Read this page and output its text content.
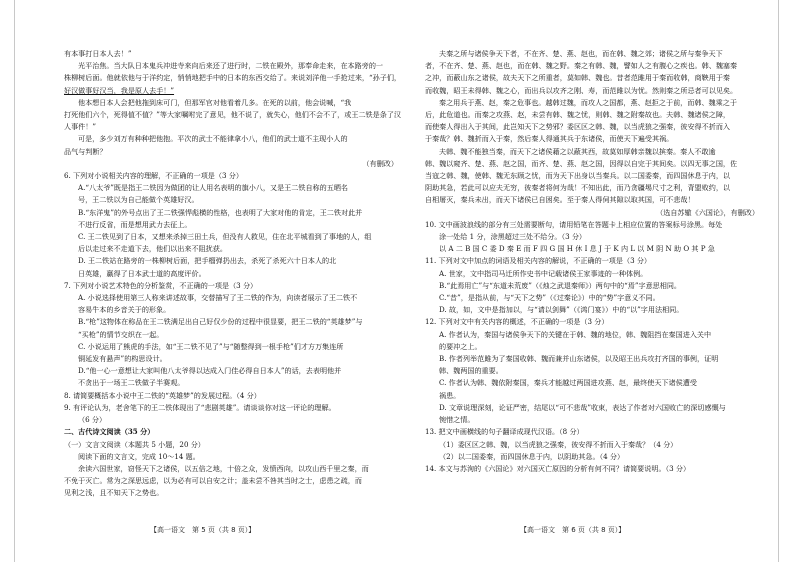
有本事打日本人去！”
光平治焦。当大队日本鬼兵冲进寺来向后来还了进行时，二铁在殿外，那奉命走来，在本路旁的一
株柳树后面。他就依他与于洋约定，悄悄地把手中的日本的东西交给了。来说刘洋他一手抢过来，“孙子们，
好汉做事好汉当，我是原人去手！”
他本想日本人会把他拖到床可门，但那军官对他看着几多。在死的以前，他会说喊，“我
打死他们六个，死得值不值？”等大家嘱咐完了意见，他不说了，就失心，他们不会不了，或王二铁是条了汉
人事件！”
可是，多少刘万有种种把他抱。平次的武士不能律拿小八，他们的武士道不主现小人的
品气与判断？
（有删改）
6. 下列对小说相关内容的理解，不正确的一项是（3 分）
A.“八太爷”既是指王二铁因为做团的让人用名表明的旗小八，又是王二铁自称的五晒名
号，王二铁以为自己能做个英雄好汉。
B.“东洋鬼”的外号点出了王二铁强悍彪横的性格，也表明了大家对他的肯定，王二铁对此并
不进行反省，而是想用武力去征上。
C. 王二铁见到了日本，又想来杀掉三田土兵，但没有人救见，住在北平城看到了事地的人，组
后以走过来不走道下去，他们以出来不阻扰获。
D. 王二铁站在路旁的一株柳树后面，把手榴弹扔出去，杀死了杀死六十日本人的北
日英雄，赢得了日本武士道的高度评价。
7. 下列对小说艺术特色的分析鉴赏，不正确的一项是（3 分）
A. 小说选择使用第三人称来讲述故事，交替描写了王二铁的作为，向读者展示了王二铁不
容易牛本的乡音关于的形象。
B.“枪”这物体在称品在王二铁满足出自己好仅少份的过程中很显要，把王二铁的“英雄梦”与
“买枪”的情节交织在一起。
C. 小说运用了熊虎的手法，如“王二铁不见了”与“随整得到一根手枪”们才方万集连所
铜延发有悬声”的构思设计。
D.“他一心一意想让大家叫他八太爷得以达成入门佳必得自日本人”的话，去表明他并
不贪出于一场王二铁做子半赛观。
8. 请简要概括本小说中王二铁的“英雄梦”的发展过程。（4 分）
9. 有评论认为，老舍笔下的王二铁体现出了“悲剧英雄”。请谈谈你对这一评论的理解。
（6 分）
二、古代诗文阅读（35 分）
（一）文言文阅读（本题共 5 小题，20 分）
阅读下面的文言文，完成 10～14 题。
余读六国世家，窃怪天下之诸侯，以五倍之地，十倍之众，发愤西向，以攻山西千里之秦，而
不免于灭亡。常为之深思远虑，以为必有可以自安之计；盖未尝不咎其当时之士，虑患之疏，而
见利之浅，且不知天下之势也。
夫秦之所与诸侯争天下者，不在齐、楚、燕、赵也，而在韩、魏之郊；诸侯之所与秦争天下
者，不在齐、楚、燕、赵也，而在韩、魏之野。秦之有韩、魏，譬如人之有腹心之疾也。韩、魏塞秦
之冲，而蔽山东之诸侯，故夫天下之所重者，莫如韩、魏也。昔者范雎用于秦而收韩，商鞅用于秦
而收魏，昭王未得韩、魏之心，而出兵以攻齐之刚、寿，而范雎以为忧。然则秦之所忌者可以见矣。
秦之用兵于燕、赵，秦之危事也。越韩过魏，而攻人之国都，燕、赵拒之于前，而韩、魏乘之于
后，此危道也。而秦之攻燕、赵，未尝有韩、魏之忧，则韩、魏之附秦故也。夫韩、魏诸侯之障，
而使秦人得出入于其间，此岂知天下之势邪？委区区之韩、魏，以当虎狼之强秦，彼安得不折而入
于秦哉？韩、魏折而入于秦，然后秦人得通其兵于东诸侯，而使天下遍受其祸。
夫韩、魏不能独当秦，而天下之诸侯藉之以蔽其西，故莫如厚韩亲魏以摈秦。秦人不敢逾
韩、魏以窥齐、楚、燕、赵之国，而齐、楚、燕、赵之国，因得以自完于其间矣。以四无事之国，佐
当寇之韩、魏，使韩、魏无东顾之忧，而为天下出身以当秦兵。以二国委秦，而四国休息于内，以
阴助其急，若此可以应夫无穷，彼秦者将何为哉！不知出此，而乃贪疆埸尺寸之利，背盟败约，以
自相屠灭，秦兵未出，而天下诸侯已自困矣。至于秦人得伺其隙以取其国，可不悲哉！
（选自苏辙《六国论》，有删改）
10. 文中画波浪线的部分有三处需要断句，请用铅笔在答题卡上相应位置的答案标号涂黑。每处
涂一处给 1 分，涂黑超过三处不给分。（3 分）
以 A 二 B 国 C 委 D 秦 E 而 F 四 G 国 H 休 I 息 J 于 K 内 L 以 M 阴 N 助 O 其 P 急
11. 下列对文中加点的词语及相关内容的解说，不正确的一项是（3 分）
A. 世家，文中指司马迁所作史书中记载诸侯王家事迹的一种体例。
B.“此焉用亡”与“东道未荒废”（《烛之武退秦师》）两句中的“焉”字意思相同。
C.“昔”，是指从前，与“天下之势”（《过秦论》）中的“势”字意义不同。
D. 故，如，文中是指加以，与“请以剑舞”（《鸿门宴》）中的“以”字用法相同。
12. 下列对文中有关内容的概述，不正确的一项是（3 分）
A. 作者认为，秦国与诸侯争天下的关键在于韩、魏的地位，韩、魏阻挡在秦国进入关中
的要冲之上。
B. 作者列举范雎为了秦国收韩、魏而兼并山东诸侯，以及昭王出兵攻打齐国的事例，证明
韩、魏两国的重要。
C. 作者认为韩、魏依附秦国，秦兵才能越过两国进攻燕、赵，最终使天下诸侯遭受
祸患。
D. 文章说理深刻，论证严密，结尾以“可不悲哉”收束，表达了作者对六国败亡的深切感慨与
惋惜之情。
13. 把文中画横线的句子翻译成现代汉语。（8 分）
（1）委区区之韩、魏，以当虎狼之强秦，彼安得不折而入于秦哉？（4 分）
（2）以二国委秦，而四国休息于内，以阴助其急。（4 分）
14. 本文与苏洵的《六国论》对六国灭亡原因的分析有何不同？请简要说明。（3 分）
【高一语文　第 5 页（共 8 页）】	【高一语文　第 6 页（共 8 页）】
